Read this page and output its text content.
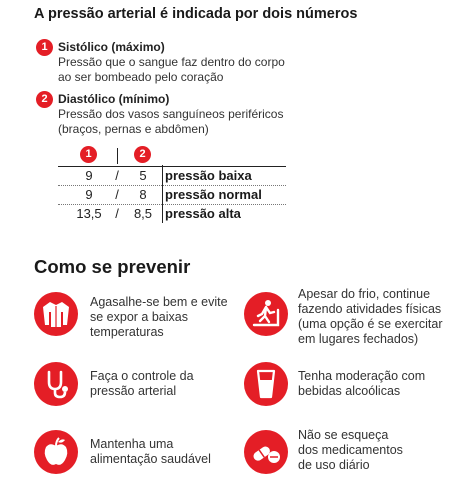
A pressão arterial é indicada por dois números
1 Sistólico (máximo)
Pressão que o sangue faz dentro do corpo
ao ser bombeado pelo coração
2 Diastólico (mínimo)
Pressão dos vasos sanguíneos periféricos
(braços, pernas e abdômen)
1	2
9	/	5	pressão baixa
9	/	8	pressão normal
13,5	/	8,5 pressão alta
Como se prevenir
Agasalhe-se bem e evite
se expor a baixas
temperaturas
Apesar do frio, continue
fazendo atividades físicas
(uma opção é se exercitar
em lugares fechados)
Faça o controle da
pressão arterial
Tenha moderação com
bebidas alcoólicas
Mantenha uma
alimentação saudável
Não se esqueça
dos medicamentos
de uso diário
